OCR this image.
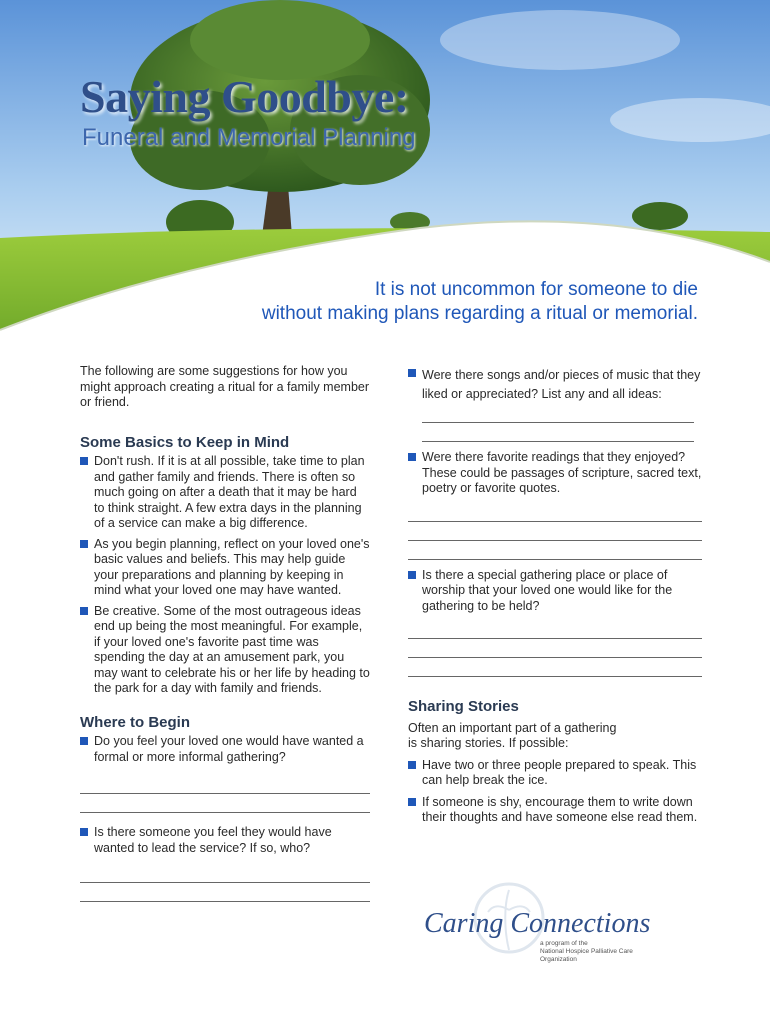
Saying Goodbye:
Funeral and Memorial Planning
It is not uncommon for someone to die
without making plans regarding a ritual or memorial.

The following are some suggestions for how you might approach creating a ritual for a family member or friend.

Some Basics to Keep in Mind
Don't rush. If it is at all possible, take time to plan and gather family and friends. There is often so much going on after a death that it may be hard to think straight. A few extra days in the planning of a service can make a big difference.
As you begin planning, reflect on your loved one's basic values and beliefs. This may help guide your preparations and planning by keeping in mind what your loved one may have wanted.
Be creative. Some of the most outrageous ideas end up being the most meaningful. For example, if your loved one's favorite past time was spending the day at an amusement park, you may want to celebrate his or her life by heading to the park for a day with family and friends.
Where to Begin
Do you feel your loved one would have wanted a formal or more informal gathering?
Is there someone you feel they would have wanted to lead the service? If so, who?
Were there songs and/or pieces of music that they liked or appreciated? List any and all ideas:
Were there favorite readings that they enjoyed? These could be passages of scripture, sacred text, poetry or favorite quotes.
Is there a special gathering place or place of worship that your loved one would like for the gathering to be held?
Sharing Stories

Often an important part of a gathering is sharing stories. If possible:

Have two or three people prepared to speak. This can help break the ice.
If someone is shy, encourage them to write down their thoughts and have someone else read them.
Caring Connections
a program of the
National Hospice Palliative Care Organization
